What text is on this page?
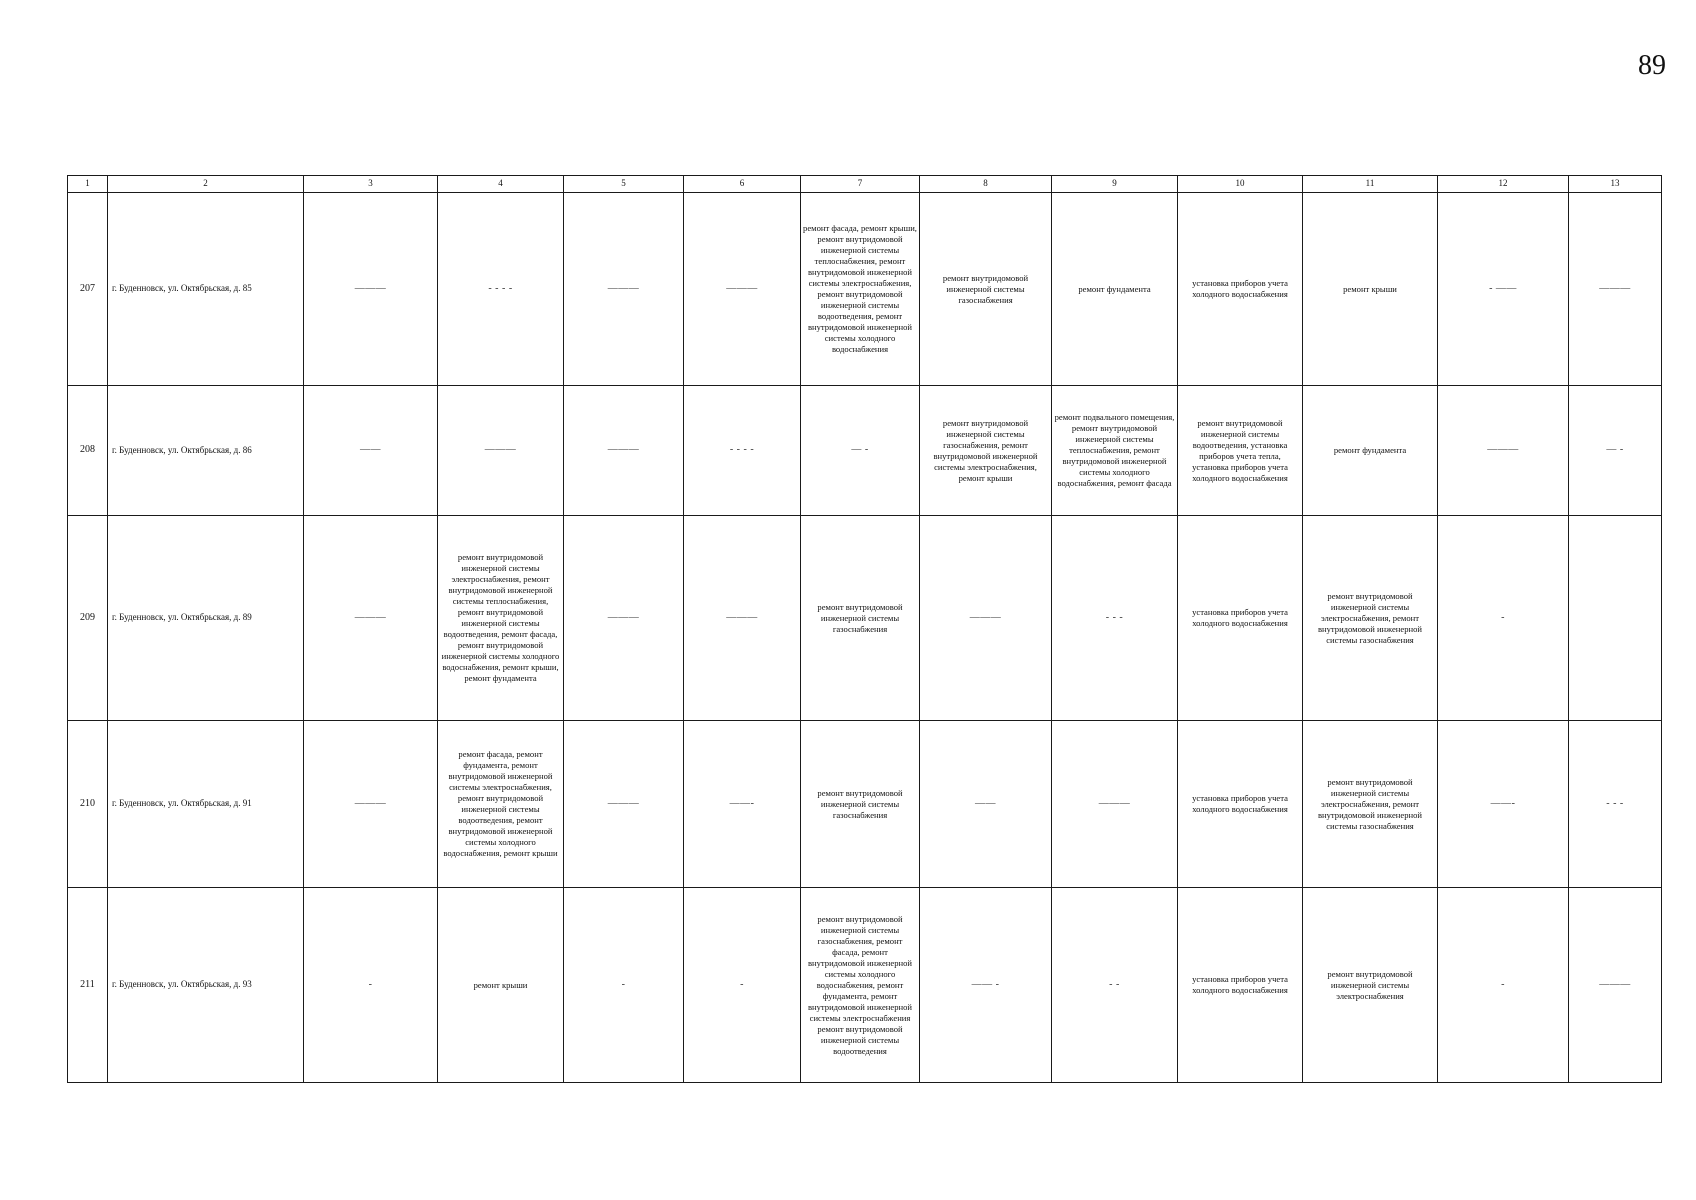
89
1	2	3	4	5	6	7	8	9	10	11	12	13
207	г. Буденновск, ул. Октябрьская, д. 85	———	- - - -	———	———	ремонт фасада, ремонт крыши, ремонт внутридомовой инженерной системы теплоснабжения, ремонт внутридомовой инженерной системы электроснабжения, ремонт внутридомовой инженерной системы водоотведения, ремонт внутридомовой инженерной системы холодного водоснабжения	ремонт внутридомовой инженерной системы газоснабжения	ремонт фундамента	установка приборов учета холодного водоснабжения	ремонт крыши	- ——	———
208	г. Буденновск, ул. Октябрьская, д. 86	——	———	———	- - - -	— -	ремонт внутридомовой инженерной системы газоснабжения, ремонт внутридомовой инженерной системы электроснабжения, ремонт крыши	ремонт подвального помещения, ремонт внутридомовой инженерной системы теплоснабжения, ремонт внутридомовой инженерной системы холодного водоснабжения, ремонт фасада	ремонт внутридомовой инженерной системы водоотведения, установка приборов учета тепла, установка приборов учета холодного водоснабжения	ремонт фундамента	———	— -
209	г. Буденновск, ул. Октябрьская, д. 89	———	ремонт внутридомовой инженерной системы электроснабжения, ремонт внутридомовой инженерной системы теплоснабжения, ремонт внутридомовой инженерной системы водоотведения, ремонт фасада, ремонт внутридомовой инженерной системы холодного водоснабжения, ремонт крыши, ремонт фундамента	———	———	ремонт внутридомовой инженерной системы газоснабжения	———	- - -	установка приборов учета холодного водоснабжения	ремонт внутридомовой инженерной системы электроснабжения, ремонт внутридомовой инженерной системы газоснабжения	-	
210	г. Буденновск, ул. Октябрьская, д. 91	———	ремонт фасада, ремонт фундамента, ремонт внутридомовой инженерной системы электроснабжения, ремонт внутридомовой инженерной системы водоотведения, ремонт внутридомовой инженерной системы холодного водоснабжения, ремонт крыши	———	——-	ремонт внутридомовой инженерной системы газоснабжения	——	———	установка приборов учета холодного водоснабжения	ремонт внутридомовой инженерной системы электроснабжения, ремонт внутридомовой инженерной системы газоснабжения	——-	- - -
211	г. Буденновск, ул. Октябрьская, д. 93	-	ремонт крыши	-	-	ремонт внутридомовой инженерной системы газоснабжения, ремонт фасада, ремонт внутридомовой инженерной системы холодного водоснабжения, ремонт фундамента, ремонт внутридомовой инженерной системы электроснабжения ремонт внутридомовой инженерной системы водоотведения	—— -	- -	установка приборов учета холодного водоснабжения	ремонт внутридомовой инженерной системы электроснабжения	-	———
